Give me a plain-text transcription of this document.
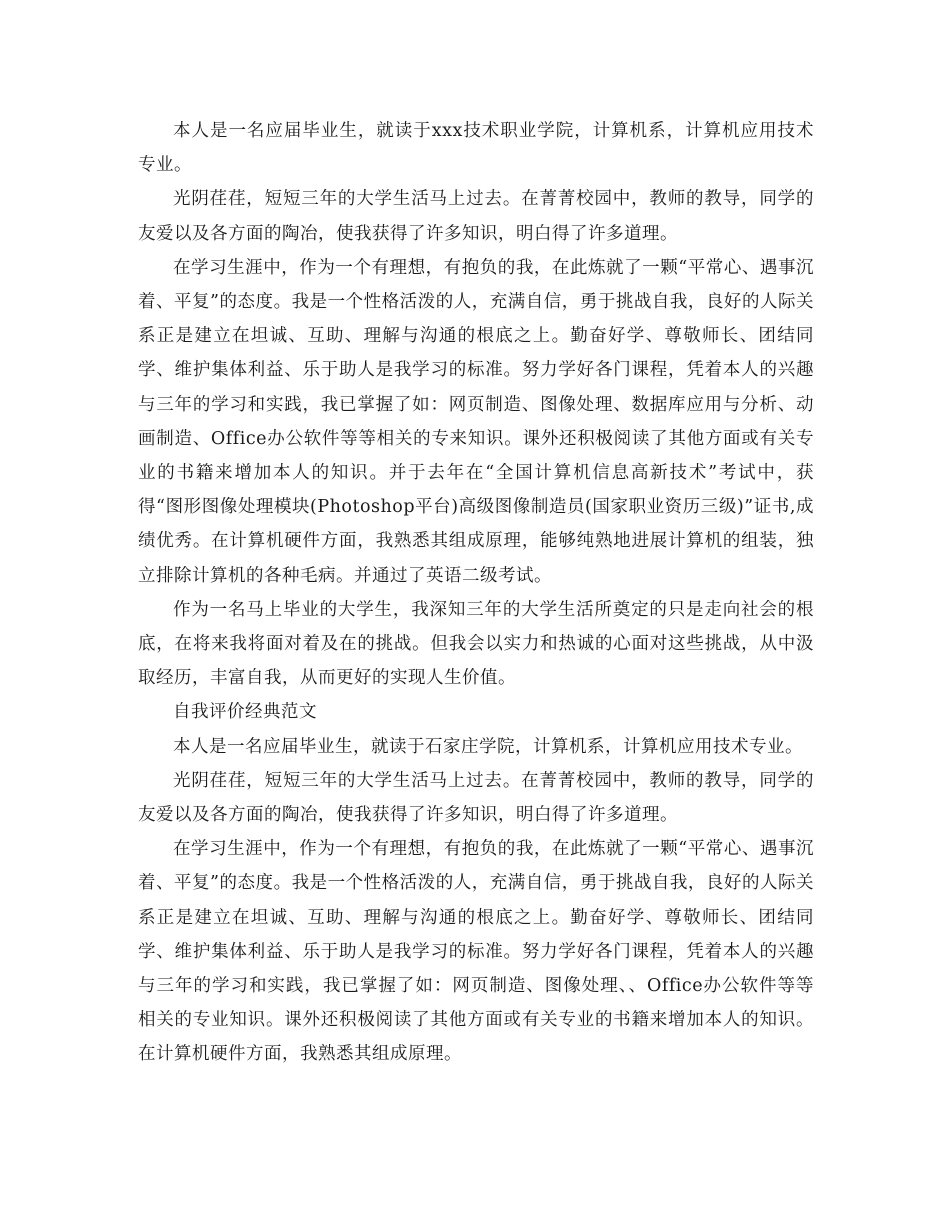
本人是一名应届毕业生，就读于xxx技术职业学院，计算机系，计算机应用技术专业。

光阴荏荏，短短三年的大学生活马上过去。在菁菁校园中，教师的教导，同学的友爱以及各方面的陶冶，使我获得了许多知识，明白得了许多道理。

在学习生涯中，作为一个有理想，有抱负的我，在此炼就了一颗“平常心、遇事沉着、平复”的态度。我是一个性格活泼的人，充满自信，勇于挑战自我，良好的人际关系正是建立在坦诚、互助、理解与沟通的根底之上。勤奋好学、尊敬师长、团结同学、维护集体利益、乐于助人是我学习的标准。努力学好各门课程，凭着本人的兴趣与三年的学习和实践，我已掌握了如：网页制造、图像处理、数据库应用与分析、动画制造、Office办公软件等等相关的专来知识。课外还积极阅读了其他方面或有关专业的书籍来增加本人的知识。并于去年在“全国计算机信息高新技术”考试中，获得“图形图像处理模块(Photoshop平台)高级图像制造员(国家职业资历三级)”证书,成绩优秀。在计算机硬件方面，我熟悉其组成原理，能够纯熟地进展计算机的组装，独立排除计算机的各种毛病。并通过了英语二级考试。

作为一名马上毕业的大学生，我深知三年的大学生活所奠定的只是走向社会的根底，在将来我将面对着及在的挑战。但我会以实力和热诚的心面对这些挑战，从中汲取经历，丰富自我，从而更好的实现人生价值。

自我评价经典范文

本人是一名应届毕业生，就读于石家庄学院，计算机系，计算机应用技术专业。

光阴荏荏，短短三年的大学生活马上过去。在菁菁校园中，教师的教导，同学的友爱以及各方面的陶冶，使我获得了许多知识，明白得了许多道理。

在学习生涯中，作为一个有理想，有抱负的我，在此炼就了一颗“平常心、遇事沉着、平复”的态度。我是一个性格活泼的人，充满自信，勇于挑战自我，良好的人际关系正是建立在坦诚、互助、理解与沟通的根底之上。勤奋好学、尊敬师长、团结同学、维护集体利益、乐于助人是我学习的标准。努力学好各门课程，凭着本人的兴趣与三年的学习和实践，我已掌握了如：网页制造、图像处理、、Office办公软件等等相关的专业知识。课外还积极阅读了其他方面或有关专业的书籍来增加本人的知识。在计算机硬件方面，我熟悉其组成原理。
